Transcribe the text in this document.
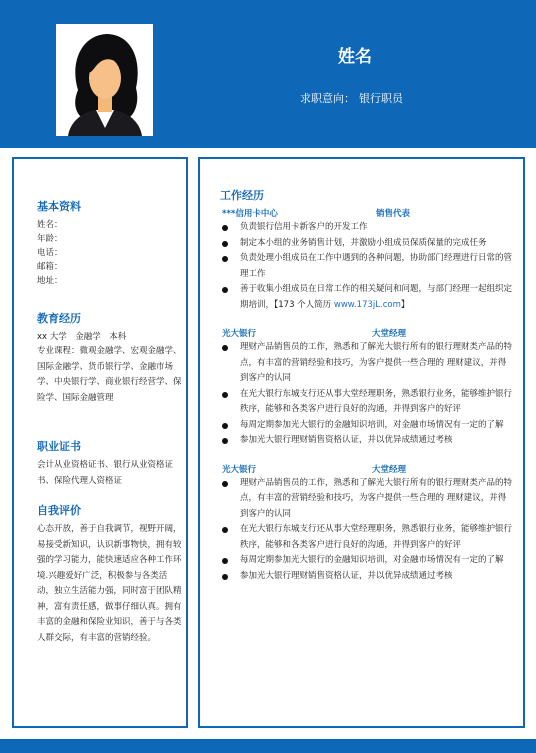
姓名
求职意向： 银行职员
基本资料
姓名：
年龄：
电话：
邮箱：
地址：
教育经历
xx 大学　金融学　本科
专业课程：微观金融学、宏观金融学、国际金融学、货币银行学、金融市场学、中央银行学、商业银行经营学、保险学、国际金融管理
职业证书
会计从业资格证书、银行从业资格证书、保险代理人资格证
自我评价
心态开放，善于自我调节，视野开阔，易接受新知识，认识新事物快，拥有较强的学习能力，能快速适应各种工作环境.兴趣爱好广泛，积极参与各类活动，独立生活能力强，同时富于团队精神，富有责任感，做事仔细认真。拥有丰富的金融和保险业知识，善于与各类人群交际，有丰富的营销经验。
工作经历
***信用卡中心	销售代表
负责银行信用卡新客户的开发工作
制定本小组的业务销售计划，并激励小组成员保质保量的完成任务
负责处理小组成员在工作中遇到的各种问题，协助部门经理进行日常的管理工作
善于收集小组成员在日常工作的相关疑问和问题，与部门经理一起组织定期培训，【173 个人简历 www.173jL.com】
光大银行	大堂经理
理财产品销售员的工作，熟悉和了解光大银行所有的银行理财类产品的特点，有丰富的营销经验和技巧，为客户提供一些合理的 理财建议，并得到客户的认同
在光大银行东城支行还从事大堂经理职务，熟悉银行业务，能够维护银行秩序，能够和各类客户进行良好的沟通，并得到客户的好评
每周定期参加光大银行的金融知识培训，对金融市场情况有一定的了解
参加光大银行理财销售资格认证，并以优异成绩通过考核
光大银行	大堂经理
理财产品销售员的工作，熟悉和了解光大银行所有的银行理财类产品的特点，有丰富的营销经验和技巧，为客户提供一些合理的 理财建议，并得到客户的认同
在光大银行东城支行还从事大堂经理职务，熟悉银行业务，能够维护银行秩序，能够和各类客户进行良好的沟通，并得到客户的好评
每周定期参加光大银行的金融知识培训，对金融市场情况有一定的了解
参加光大银行理财销售资格认证，并以优异成绩通过考核
